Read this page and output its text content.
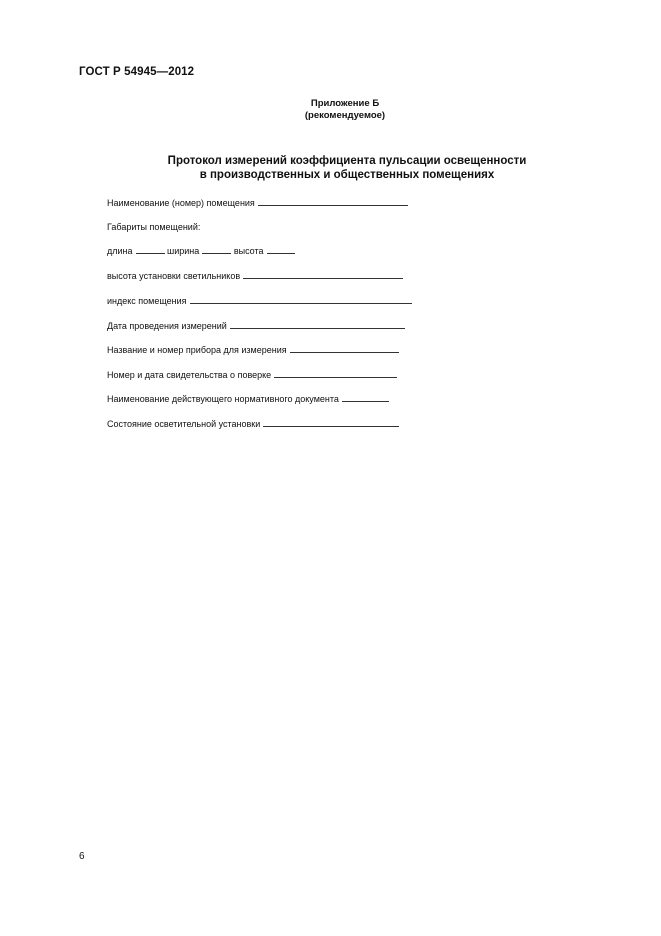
ГОСТ Р 54945—2012
Приложение Б
(рекомендуемое)
Протокол измерений коэффициента пульсации освещенности
в производственных и общественных помещениях
Наименование (номер) помещения
Габариты помещений:
длина	ширина	высота
высота установки светильников
индекс помещения
Дата проведения измерений
Название и номер прибора для измерения
Номер и дата свидетельства о поверке
Наименование действующего нормативного документа
Состояние осветительной установки
6
